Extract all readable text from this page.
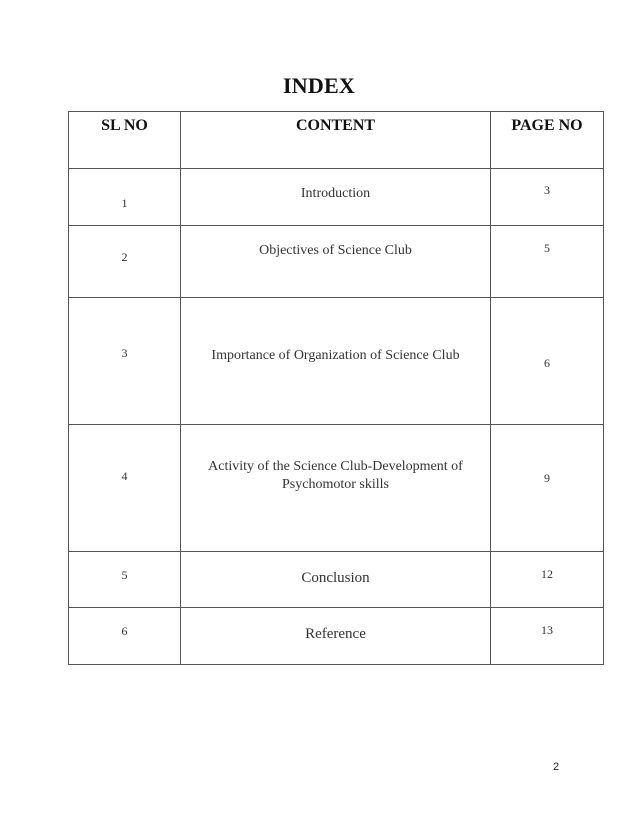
INDEX
SL NO	CONTENT	PAGE NO

1	Introduction	3

2	Objectives of Science Club	5

3	Importance of Organization of Science Club	6

4	Activity of the Science Club-Development of
Psychomotor skills	9

5	Conclusion	12

6	Reference	13
2
